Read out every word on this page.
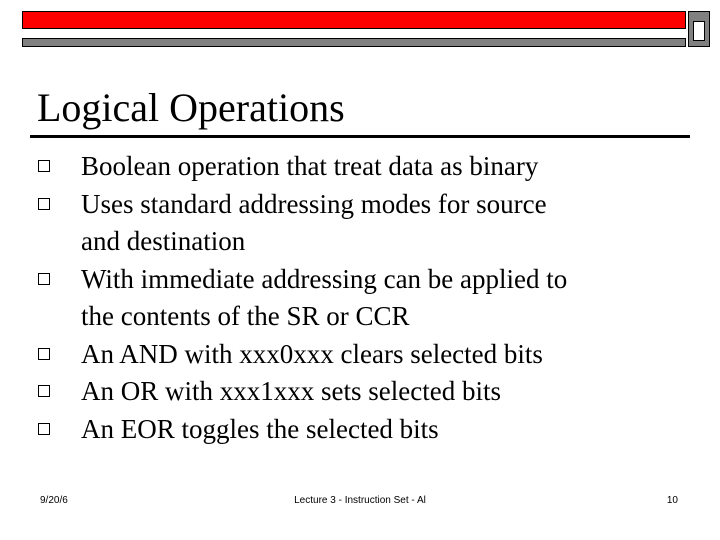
Logical Operations
Boolean operation that treat data as binary
Uses standard addressing modes for source
and destination
With immediate addressing can be applied to
the contents of the SR or CCR
An AND with xxx0xxx clears selected bits
An OR with xxx1xxx sets selected bits
An EOR toggles the selected bits
9/20/6	Lecture 3 - Instruction Set - Al	10
